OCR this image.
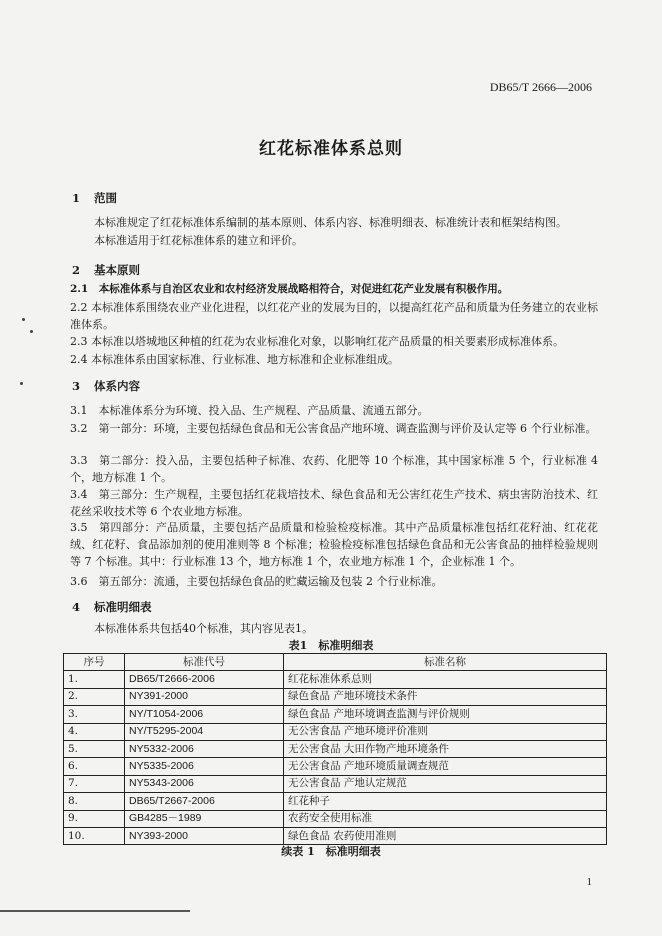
DB65/T 2666—2006
红花标准体系总则
1 范围
本标准规定了红花标准体系编制的基本原则、体系内容、标准明细表、标准统计表和框架结构图。
本标准适用于红花标准体系的建立和评价。
2 基本原则
2.1　本标准体系与自治区农业和农村经济发展战略相符合，对促进红花产业发展有积极作用。
2.2 本标准体系围绕农业产业化进程，以红花产业的发展为目的，以提高红花产品和质量为任务建立的农业标准体系。
2.3 本标准以塔城地区种植的红花为农业标准化对象，以影响红花产品质量的相关要素形成标准体系。
2.4 本标准体系由国家标准、行业标准、地方标准和企业标准组成。
3 体系内容
3.1　本标准体系分为环境、投入品、生产规程、产品质量、流通五部分。
3.2　第一部分：环境，主要包括绿色食品和无公害食品产地环境、调查监测与评价及认定等 6 个行业标准。
3.3　第二部分：投入品，主要包括种子标准、农药、化肥等 10 个标准，其中国家标准 5 个，行业标准 4 个，地方标准 1 个。
3.4　第三部分：生产规程，主要包括红花栽培技术、绿色食品和无公害红花生产技术、病虫害防治技术、红花丝采收技术等 6 个农业地方标准。
3.5　第四部分：产品质量，主要包括产品质量和检验检疫标准。其中产品质量标准包括红花籽油、红花花绒、红花籽、食品添加剂的使用准则等 8 个标准；检验检疫标准包括绿色食品和无公害食品的抽样检验规则等 7 个标准。其中：行业标准 13 个，地方标准 1 个，农业地方标准 1 个，企业标准 1 个。
3.6　第五部分：流通，主要包括绿色食品的贮藏运输及包装 2 个行业标准。
4 标准明细表
本标准体系共包括40个标准，其内容见表1。
表1　标准明细表
序号	标准代号	标准名称
1.	DB65/T2666-2006	红花标准体系总则
2.	NY391-2000	绿色食品 产地环境技术条件
3.	NY/T1054-2006	绿色食品 产地环境调查监测与评价规则
4.	NY/T5295-2004	无公害食品 产地环境评价准则
5.	NY5332-2006	无公害食品 大田作物产地环境条件
6.	NY5335-2006	无公害食品 产地环境质量调查规范
7.	NY5343-2006	无公害食品 产地认定规范
8.	DB65/T2667-2006	红花种子
9.	GB4285－1989	农药安全使用标准
10.	NY393-2000	绿色食品 农药使用准则
续表 1　标准明细表
1
